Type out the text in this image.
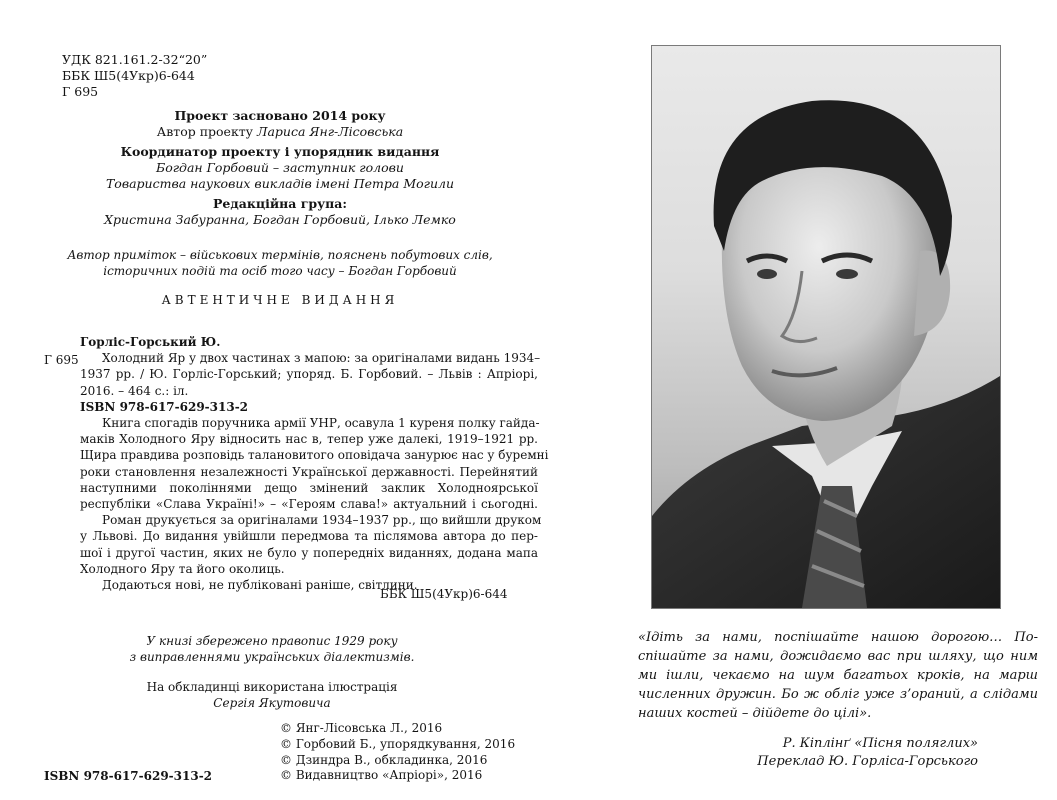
УДК 821.161.2-32“20”
ББК Ш5(4Укр)6-644
Г 695
Проект засновано 2014 року
Автор проекту Лариса Янг-Лісовська
Координатор проекту і упорядник видання
Богдан Горбовий – заступник голови
Товариства наукових викладів імені Петра Могили
Редакційна група:
Христина Забуранна, Богдан Горбовий, Ілько Лемко
Автор приміток – військових термінів, пояснень побутових слів,
історичних подій та осіб того часу – Богдан Горбовий
АВТЕНТИЧНЕ ВИДАННЯ
Г 695
Горліс-Горський Ю.
Холодний Яр у двох частинах з мапою: за оригіналами видань 1934–
1937 рр. / Ю. Горліс-Горський; упоряд. Б. Горбовий. – Львів : Апріорі,
2016. – 464 с.: іл.
ISBN 978-617-629-313-2
Книга спогадів поручника армії УНР, осавула 1 куреня полку гайда-
маків Холодного Яру відносить нас в, тепер уже далекі, 1919–1921 рр.
Щира правдива розповідь талановитого оповідача занурює нас у буремні
роки становлення незалежності Української державності. Перейнятий
наступними поколіннями дещо змінений заклик Холодноярської
республіки «Слава Україні!» – «Героям слава!» актуальний і сьогодні.
Роман друкується за оригіналами 1934–1937 рр., що вийшли друком
у Львові. До видання увійшли передмова та післямова автора до пер-
шої і другої частин, яких не було у попередніх виданнях, додана мапа
Холодного Яру та його околиць.
Додаються нові, не публіковані раніше, світлини.
ББК Ш5(4Укр)6-644
У книзі збережено правопис 1929 року
з виправленнями українських діалектизмів.
На обкладинці використана ілюстрація
Сергія Якутовича
© Янг-Лісовська Л., 2016
© Горбовий Б., упорядкування, 2016
© Дзиндра В., обкладинка, 2016
© Видавництво «Апріорі», 2016
ISBN 978-617-629-313-2
«Ідіть за нами, поспішайте нашою дорогою… По-
спішайте за нами, дожидаємо вас при шляху, що ним
ми ішли, чекаємо на шум багатьох кроків, на марш
численних дружин. Бо ж обліг уже з’ораний, а слідами
наших костей – дійдете до цілі».
Р. Кіплінґ «Пісня поляглих»
Переклад Ю. Горліса-Горського
